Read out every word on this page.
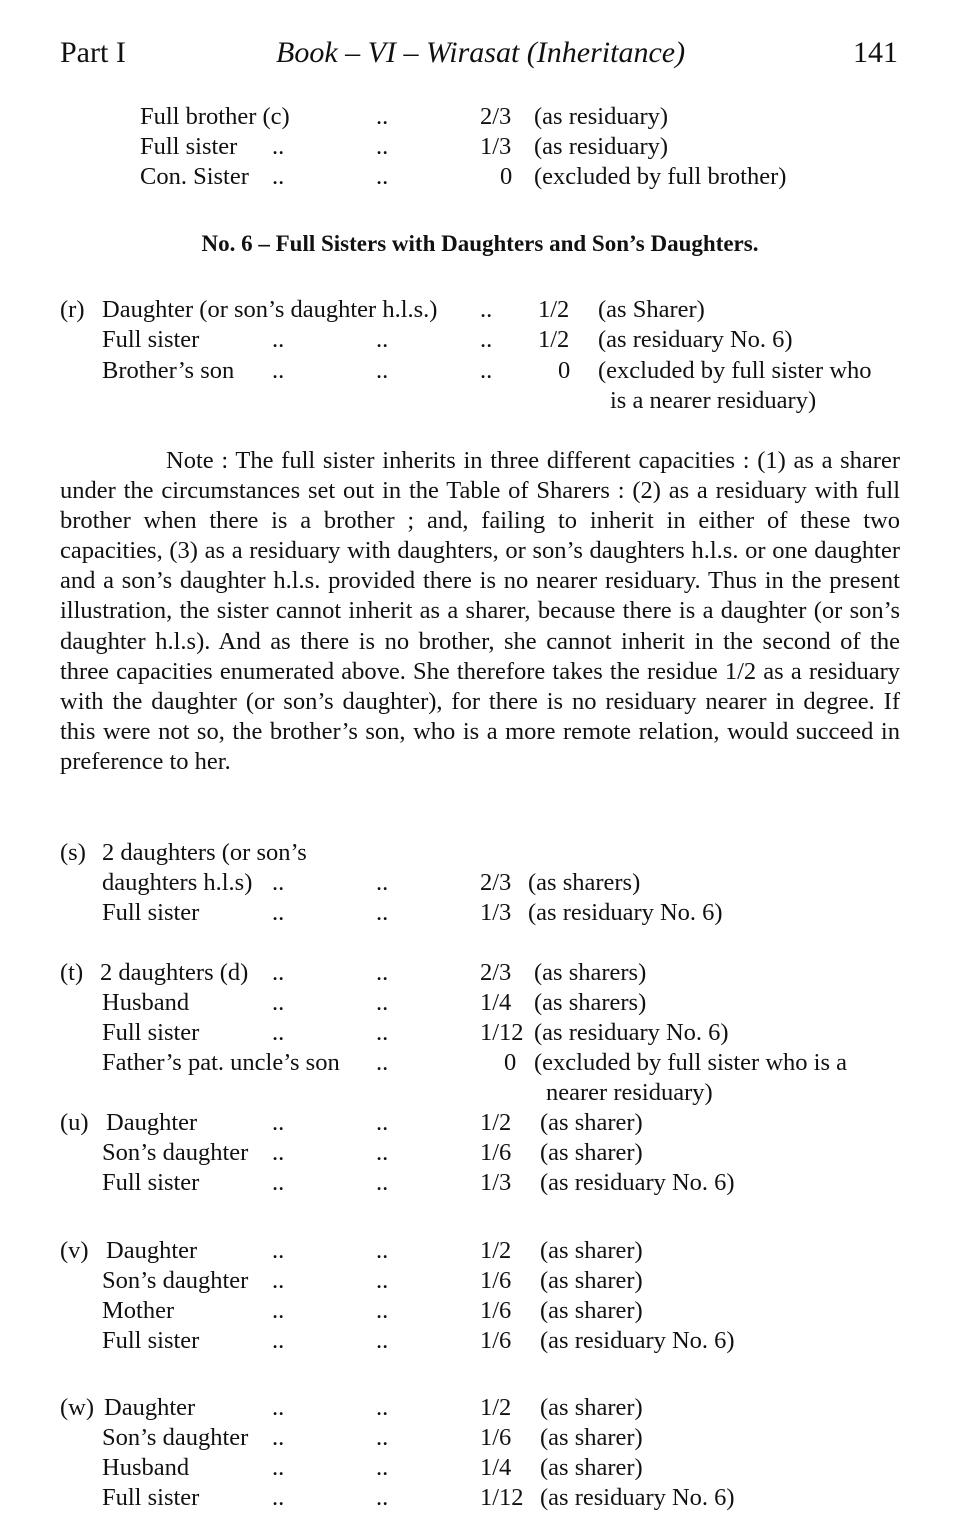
Part I	Book – VI – Wirasat (Inheritance)	141
Full brother (c)	..	2/3 (as residuary)
Full sister ..	..	1/3 (as residuary)
Con. Sister ..	..	0 (excluded by full brother)
No. 6 – Full Sisters with Daughters and Son’s Daughters.
(r) Daughter (or son’s daughter h.l.s.) .. 1/2 (as Sharer)
Full sister	..	..	.. 1/2 (as residuary No. 6)
Brother’s son ..	..	..	0 (excluded by full sister who
is a nearer residuary)

Note : The full sister inherits in three different capacities : (1) as a sharer under the circumstances set out in the Table of Sharers : (2) as a residuary with full brother when there is a brother ; and, failing to inherit in either of these two capacities, (3) as a residuary with daughters, or son’s daughters h.l.s. or one daughter and a son’s daughter h.l.s. provided there is no nearer residuary. Thus in the present illustration, the sister cannot inherit as a sharer, because there is a daughter (or son’s daughter h.l.s). And as there is no brother, she cannot inherit in the second of the three capacities enumerated above. She therefore takes the residue 1/2 as a residuary with the daughter (or son’s daughter), for there is no residuary nearer in degree. If this were not so, the brother’s son, who is a more remote relation, would succeed in preference to her.

(s) 2 daughters (or son’s
daughters h.l.s) ..	..	2/3 (as sharers)
Full sister	..	..	1/3 (as residuary No. 6)
(t) 2 daughters (d) ..	..	2/3 (as sharers)
Husband	..	..	1/4 (as sharers)
Full sister	..	..	1/12 (as residuary No. 6)
Father’s pat. uncle’s son ..	0 (excluded by full sister who is a
nearer residuary)
(u) Daughter	..	..	1/2 (as sharer)
Son’s daughter ..	..	1/6 (as sharer)
Full sister	..	..	1/3 (as residuary No. 6)
(v) Daughter	..	..	1/2 (as sharer)
Son’s daughter ..	..	1/6 (as sharer)
Mother	..	..	1/6 (as sharer)
Full sister	..	..	1/6 (as residuary No. 6)
(w) Daughter	..	..	1/2 (as sharer)
Son’s daughter ..	..	1/6 (as sharer)
Husband	..	..	1/4 (as sharer)
Full sister	..	..	1/12 (as residuary No. 6)
